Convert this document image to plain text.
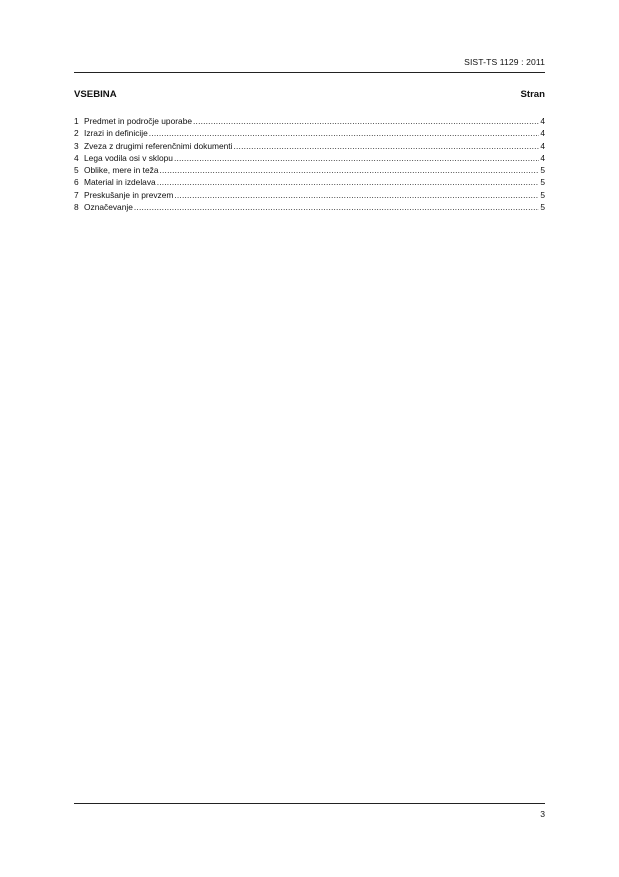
SIST-TS 1129 : 2011
VSEBINA	Stran
1 Predmet in področje uporabe .....	4
2 Izrazi in definicije .....	4
3 Zveza z drugimi referenčnimi dokumenti .....	4
4 Lega vodila osi v sklopu .....	4
5 Oblike, mere in teža .....	5
6 Material in izdelava .....	5
7 Preskušanje in prevzem .....	5
8 Označevanje .....	5
3
